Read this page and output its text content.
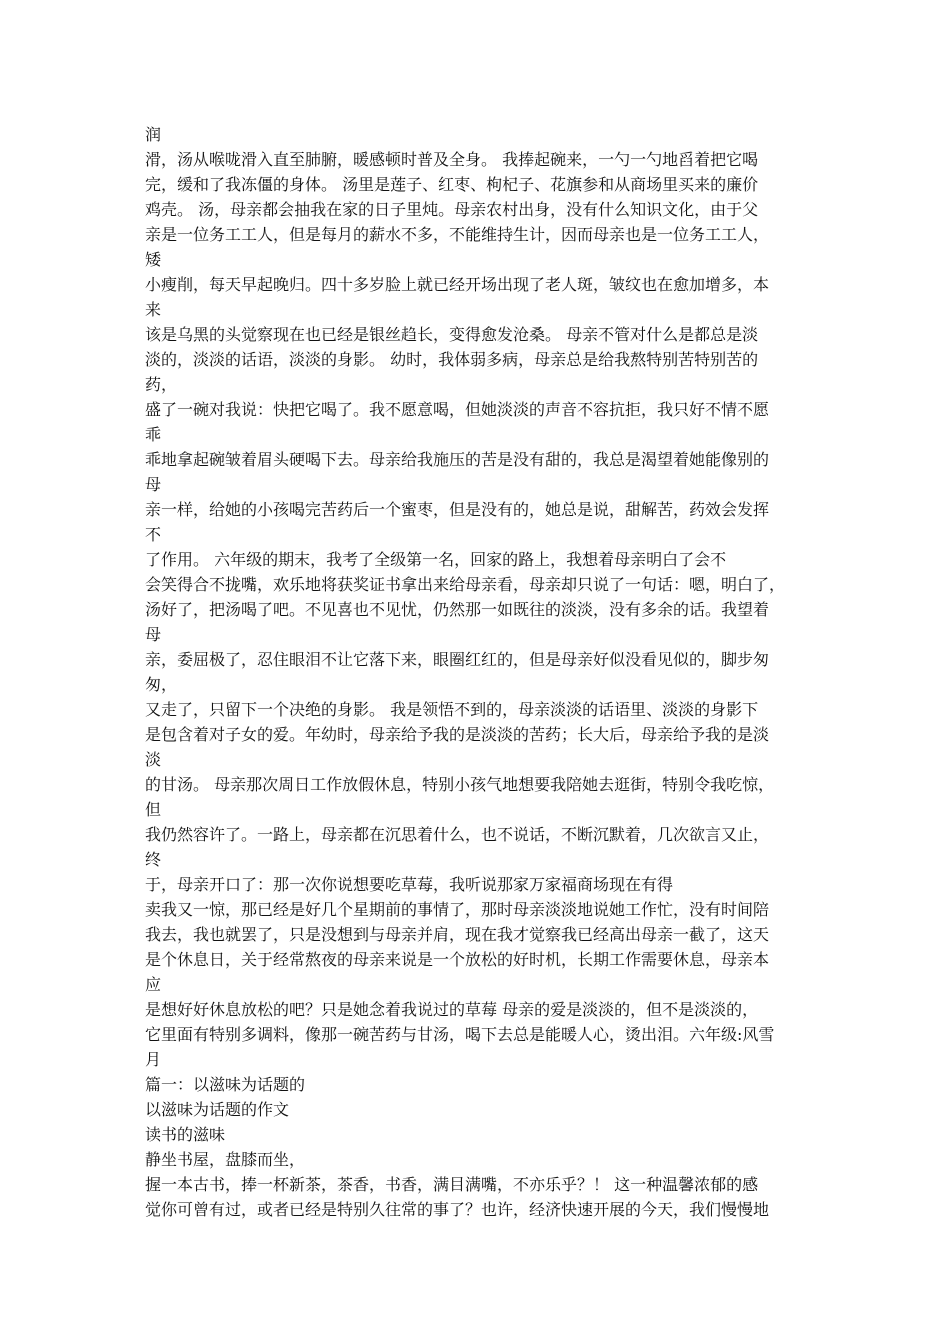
润
滑，汤从喉咙滑入直至肺腑，暖感顿时普及全身。 我捧起碗来，一勺一勺地舀着把它喝
完，缓和了我冻僵的身体。 汤里是莲子、红枣、枸杞子、花旗参和从商场里买来的廉价
鸡壳。 汤，母亲都会抽我在家的日子里炖。母亲农村出身，没有什么知识文化，由于父
亲是一位务工工人，但是每月的薪水不多，不能维持生计，因而母亲也是一位务工工人，
矮
小瘦削，每天早起晚归。四十多岁脸上就已经开场出现了老人斑，皱纹也在愈加增多，本
来
该是乌黑的头觉察现在也已经是银丝趋长，变得愈发沧桑。 母亲不管对什么是都总是淡
淡的，淡淡的话语，淡淡的身影。 幼时，我体弱多病，母亲总是给我熬特别苦特别苦的
药，
盛了一碗对我说：快把它喝了。我不愿意喝，但她淡淡的声音不容抗拒，我只好不情不愿
乖
乖地拿起碗皱着眉头硬喝下去。母亲给我施压的苦是没有甜的，我总是渴望着她能像别的
母
亲一样，给她的小孩喝完苦药后一个蜜枣，但是没有的，她总是说，甜解苦，药效会发挥
不
了作用。 六年级的期末，我考了全级第一名，回家的路上，我想着母亲明白了会不
会笑得合不拢嘴，欢乐地将获奖证书拿出来给母亲看，母亲却只说了一句话：嗯，明白了，
汤好了，把汤喝了吧。不见喜也不见忧，仍然那一如既往的淡淡，没有多余的话。我望着
母
亲，委屈极了，忍住眼泪不让它落下来，眼圈红红的，但是母亲好似没看见似的，脚步匆
匆，
又走了，只留下一个决绝的身影。 我是领悟不到的，母亲淡淡的话语里、淡淡的身影下
是包含着对子女的爱。年幼时，母亲给予我的是淡淡的苦药；长大后，母亲给予我的是淡
淡
的甘汤。 母亲那次周日工作放假休息，特别小孩气地想要我陪她去逛街，特别令我吃惊，
但
我仍然容许了。一路上，母亲都在沉思着什么，也不说话，不断沉默着，几次欲言又止，
终
于，母亲开口了：那一次你说想要吃草莓，我听说那家万家福商场现在有得
卖我又一惊，那已经是好几个星期前的事情了，那时母亲淡淡地说她工作忙，没有时间陪
我去，我也就罢了，只是没想到与母亲并肩，现在我才觉察我已经高出母亲一截了，这天
是个休息日，关于经常熬夜的母亲来说是一个放松的好时机，长期工作需要休息，母亲本
应
是想好好休息放松的吧？只是她念着我说过的草莓 母亲的爱是淡淡的，但不是淡淡的，
它里面有特别多调料，像那一碗苦药与甘汤，喝下去总是能暖人心，烫出泪。六年级:风雪
月
篇一：以滋味为话题的
以滋味为话题的作文
读书的滋味
静坐书屋，盘膝而坐，
握一本古书，捧一杯新茶，茶香，书香，满目满嘴，不亦乐乎？！ 这一种温馨浓郁的感
觉你可曾有过，或者已经是特别久往常的事了？也许，经济快速开展的今天，我们慢慢地
